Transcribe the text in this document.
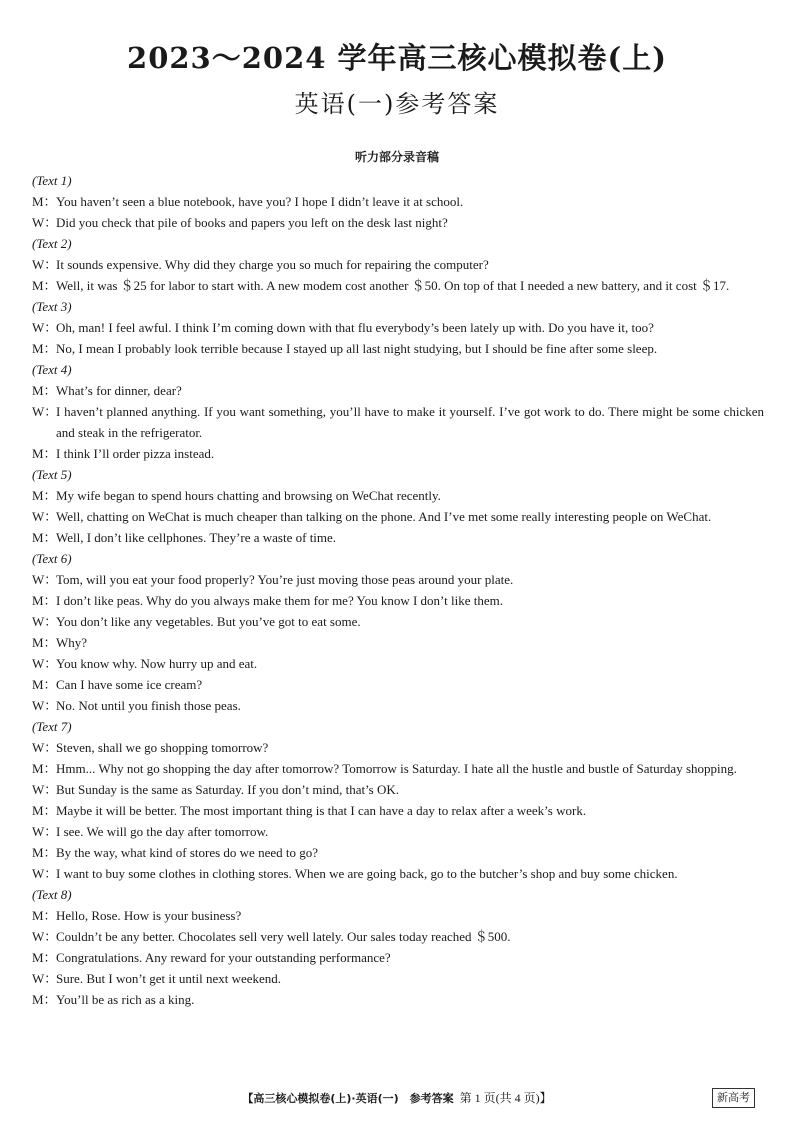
2023～2024 学年高三核心模拟卷(上)
英语(一)参考答案
听力部分录音稿
(Text 1)
M： You haven’t seen a blue notebook, have you? I hope I didn’t leave it at school.
W：
Did you check that pile of books and papers you left on the desk last night?
(Text 2)
W：
It sounds expensive. Why did they charge you so much for repairing the computer?
M： Well, it was ＄25 for labor to start with. A new modem cost another ＄50. On top of that I needed a new battery, and it cost ＄17.
(Text 3)
W：
Oh, man! I feel awful. I think I’m coming down with that flu everybody’s been lately up with. Do you have it, too?
M： No, I mean I probably look terrible because I stayed up all last night studying, but I should be fine after some sleep.
(Text 4)
M： What’s for dinner, dear?
W：
I haven’t planned anything. If you want something, you’ll have to make it yourself. I’ve got work to do. There might be some chicken and steak in the refrigerator.
M： I think I’ll order pizza instead.
(Text 5)
M： My wife began to spend hours chatting and browsing on WeChat recently.
W：
Well, chatting on WeChat is much cheaper than talking on the phone. And I’ve met some really interesting people on WeChat.
M： Well, I don’t like cellphones. They’re a waste of time.
(Text 6)
W：
Tom, will you eat your food properly? You’re just moving those peas around your plate.
M： I don’t like peas. Why do you always make them for me? You know I don’t like them.
W：
You don’t like any vegetables. But you’ve got to eat some.
M： Why?
W：
You know why. Now hurry up and eat.
M： Can I have some ice cream?
W：
No. Not until you finish those peas.
(Text 7)
W：
Steven, shall we go shopping tomorrow?
M： Hmm... Why not go shopping the day after tomorrow? Tomorrow is Saturday. I hate all the hustle and bustle of Saturday shopping.
W：
But Sunday is the same as Saturday. If you don’t mind, that’s OK.
M： Maybe it will be better. The most important thing is that I can have a day to relax after a week’s work.
W：
I see. We will go the day after tomorrow.
M： By the way, what kind of stores do we need to go?
W：
I want to buy some clothes in clothing stores. When we are going back, go to the butcher’s shop and buy some chicken.
(Text 8)
M： Hello, Rose. How is your business?
W：
Couldn’t be any better. Chocolates sell very well lately. Our sales today reached ＄500.
M： Congratulations. Any reward for your outstanding performance?
W：
Sure. But I won’t get it until next weekend.
M： You’ll be as rich as a king.
【高三核心模拟卷(上)·英语(一)　参考答案 第 1 页(共 4 页)】	新高考
